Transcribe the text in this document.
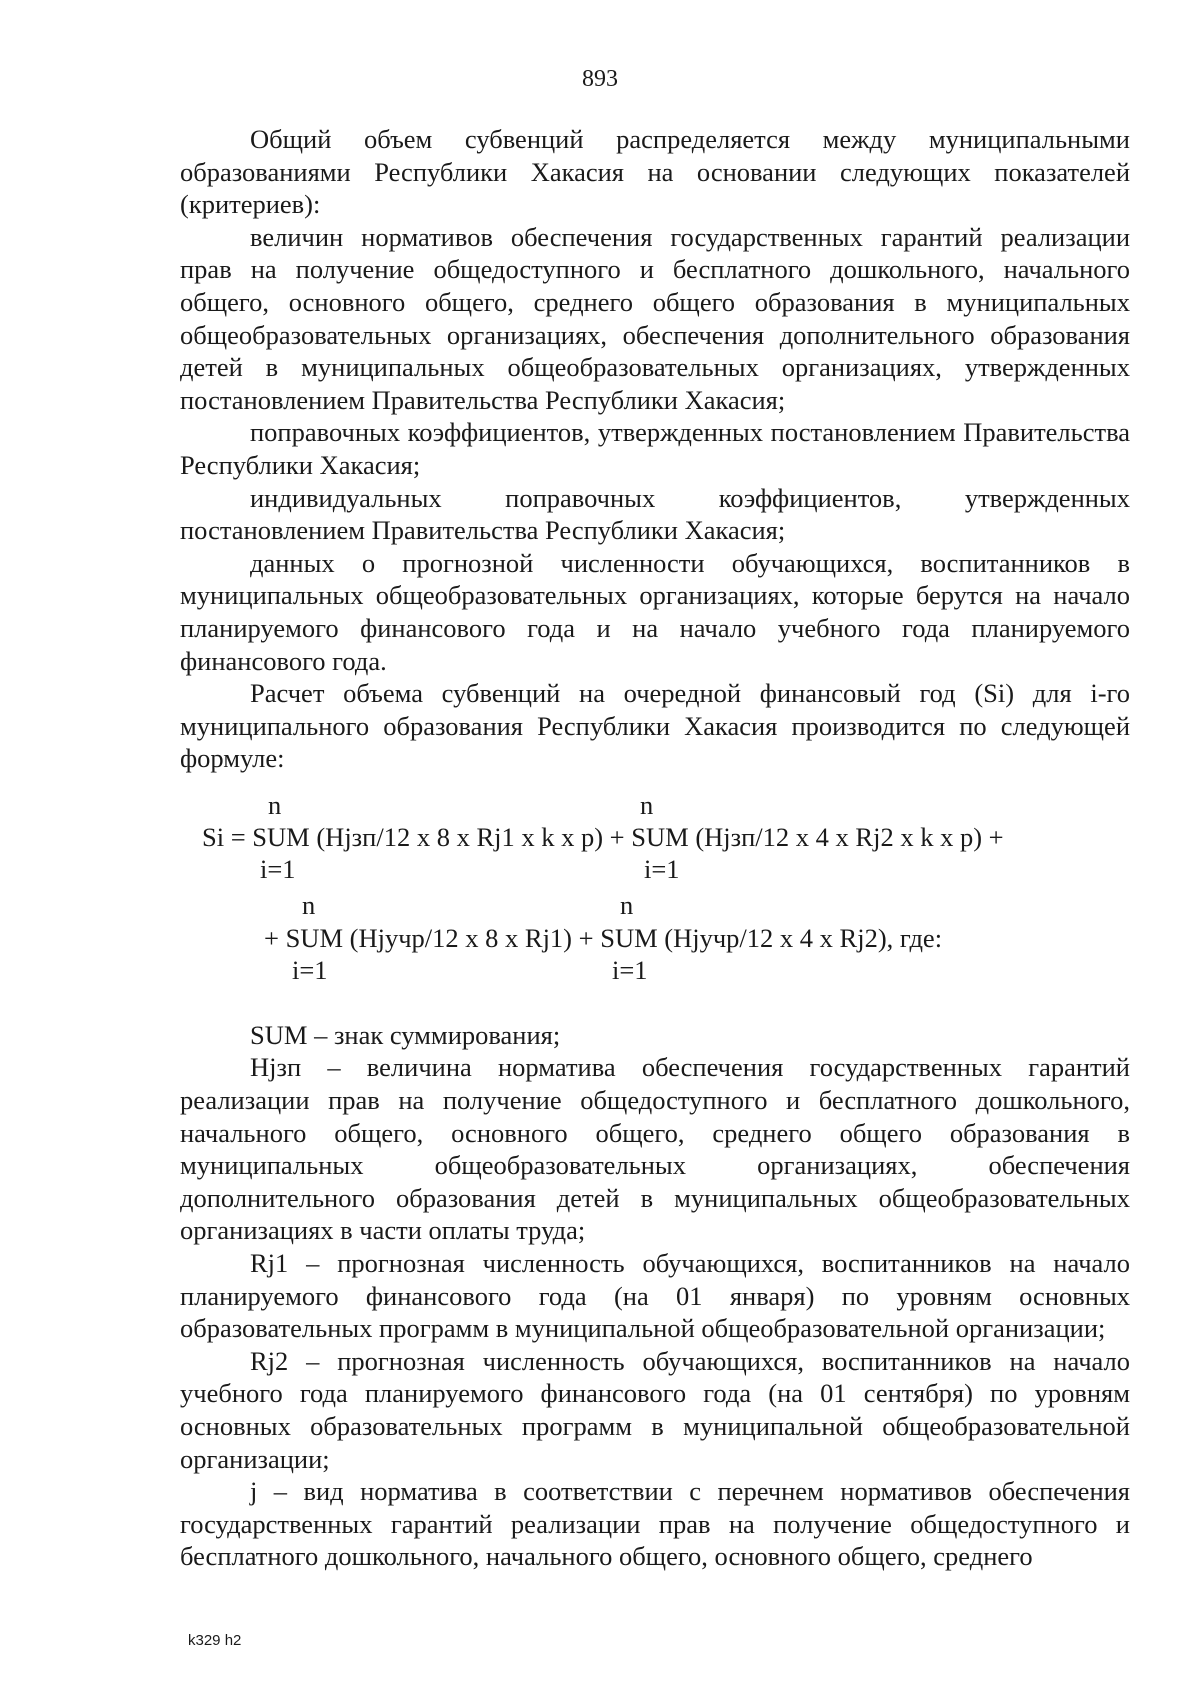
893

Общий объем субвенций распределяется между муниципальными образованиями Республики Хакасия на основании следующих показателей (критериев):

величин нормативов обеспечения государственных гарантий реализации прав на получение общедоступного и бесплатного дошкольного, начального общего, основного общего, среднего общего образования в муниципальных общеобразовательных организациях, обеспечения дополнительного образования детей в муниципальных общеобразовательных организациях, утвержденных постановлением Правительства Республики Хакасия;

поправочных коэффициентов, утвержденных постановлением Правительства Республики Хакасия;

индивидуальных поправочных коэффициентов, утвержденных постановлением Правительства Республики Хакасия;

данных о прогнозной численности обучающихся, воспитанников в муниципальных общеобразовательных организациях, которые берутся на начало планируемого финансового года и на начало учебного года планируемого финансового года.

Расчет объема субвенций на очередной финансовый год (Si) для i-го муниципального образования Республики Хакасия производится по следующей формуле:

n	n
Si = SUM (Hjзп/12 x 8 x Rj1 x k x p) + SUM (Hjзп/12 x 4 x Rj2 x k x p) +
i=1	i=1
n	n
+ SUM (Hjучр/12 x 8 x Rj1) + SUM (Hjучр/12 x 4 x Rj2), где:
i=1	i=1

SUM – знак суммирования;

Hjзп – величина норматива обеспечения государственных гарантий реализации прав на получение общедоступного и бесплатного дошкольного, начального общего, основного общего, среднего общего образования в муниципальных общеобразовательных организациях, обеспечения дополнительного образования детей в муниципальных общеобразовательных организациях в части оплаты труда;

Rj1 – прогнозная численность обучающихся, воспитанников на начало планируемого финансового года (на 01 января) по уровням основных образовательных программ в муниципальной общеобразовательной организации;

Rj2 – прогнозная численность обучающихся, воспитанников на начало учебного года планируемого финансового года (на 01 сентября) по уровням основных образовательных программ в муниципальной общеобразовательной организации;

j – вид норматива в соответствии с перечнем нормативов обеспечения государственных гарантий реализации прав на получение общедоступного и бесплатного дошкольного, начального общего, основного общего, среднего

k329 h2
